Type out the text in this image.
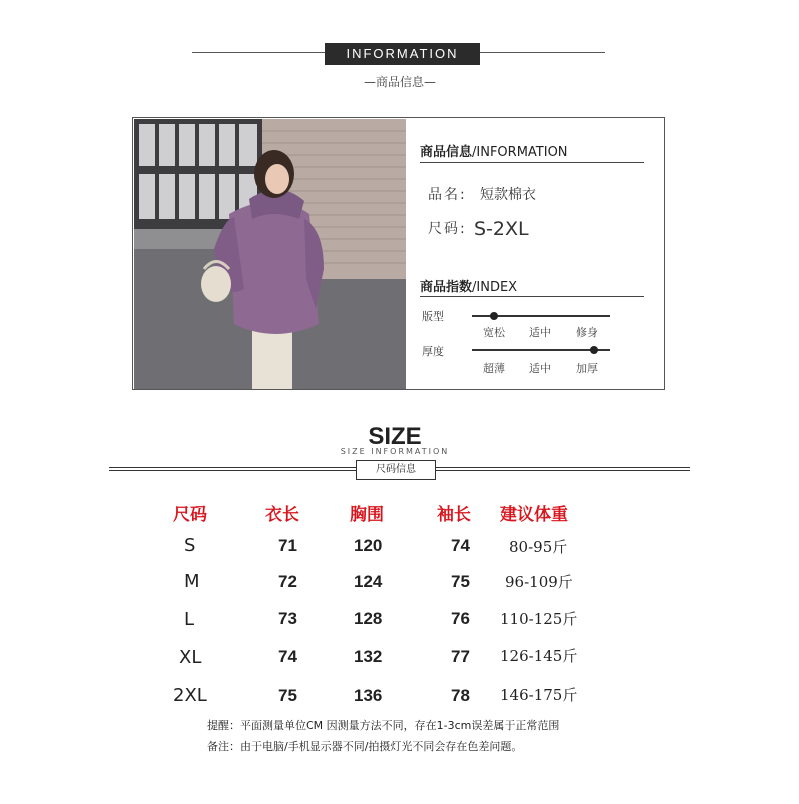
INFORMATION
—商品信息—
商品信息/INFORMATION
品名: 短款棉衣
尺码: S-2XL
商品指数/INDEX
版型
宽松 适中 修身
厚度
超薄 适中 加厚
SIZE
SIZE INFORMATION
尺码信息
尺码	衣长	胸围	袖长 建议体重
S	71	120	74	80-95斤
M	72	124	75 96-109斤
L	73	128	76 110-125斤
XL	74	132	77 126-145斤
2XL	75	136	78 146-175斤
提醒：平面测量单位CM 因测量方法不同，存在1-3cm误差属于正常范围
备注：由于电脑/手机显示器不同/拍摄灯光不同会存在色差问题。
